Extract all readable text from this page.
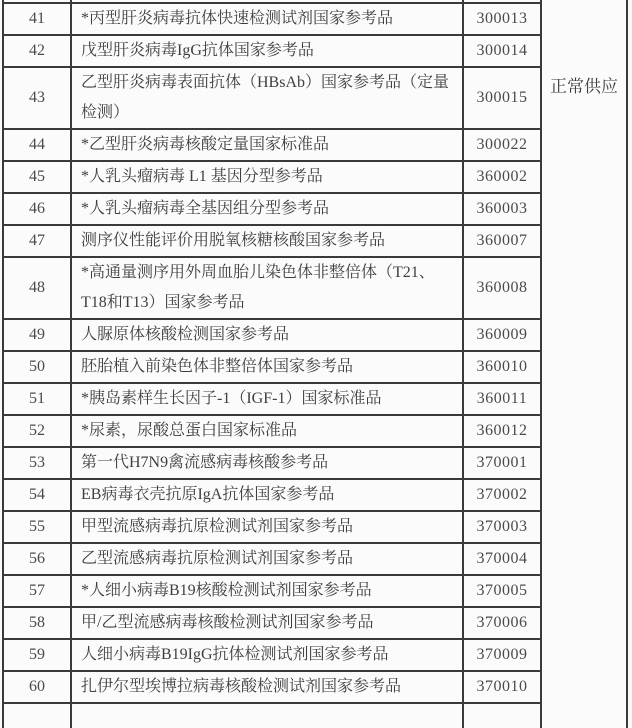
			正常供应
41	*丙型肝炎病毒抗体快速检测试剂国家参考品	300013	
42	戊型肝炎病毒IgG抗体国家参考品	300014	
43	乙型肝炎病毒表面抗体（HBsAb）国家参考品（定量检测）	300015	
44	*乙型肝炎病毒核酸定量国家标准品	300022	
45	*人乳头瘤病毒 L1 基因分型参考品	360002	
46	*人乳头瘤病毒全基因组分型参考品	360003	
47	测序仪性能评价用脱氧核糖核酸国家参考品	360007	
48	*高通量测序用外周血胎儿染色体非整倍体（T21、T18和T13）国家参考品	360008	
49	人脲原体核酸检测国家参考品	360009	
50	胚胎植入前染色体非整倍体国家参考品	360010	
51	*胰岛素样生长因子-1（IGF-1）国家标准品	360011	
52	*尿素，尿酸总蛋白国家标准品	360012	
53	第一代H7N9禽流感病毒核酸参考品	370001	
54	EB病毒衣壳抗原IgA抗体国家参考品	370002	
55	甲型流感病毒抗原检测试剂国家参考品	370003	
56	乙型流感病毒抗原检测试剂国家参考品	370004	
57	*人细小病毒B19核酸检测试剂国家参考品	370005	
58	甲/乙型流感病毒核酸检测试剂国家参考品	370006	
59	人细小病毒B19IgG抗体检测试剂国家参考品	370009	
60	扎伊尔型埃博拉病毒核酸检测试剂国家参考品	370010	
